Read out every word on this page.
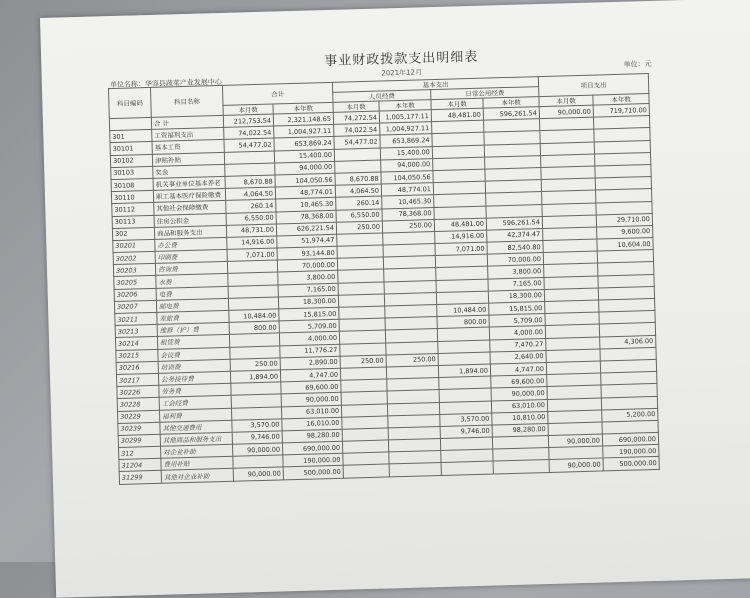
事业财政拨款支出明细表
2021年12月
单位名称：华容县蔬菜产业发展中心
单位：元
科目编码	科目名称	合计		基本支出				项目支出	
				人员经费		日常公用经费			
		本月数	本年数	本月数	本年数	本月数	本年数	本月数	本年数
	合 计	212,753.54	2,321,148.65	74,272.54	1,005,177.11	48,481.00	596,261.54	90,000.00	719,710.00
301	工资福利支出	74,022.54	1,004,927.11	74,022.54	1,004,927.11				
30101	基本工资	54,477.02	653,869.24	54,477.02	653,869.24				
30102	津贴补贴		15,400.00		15,400.00				
30103	奖金		94,000.00		94,000.00				
30108	机关事业单位基本养老	8,670.88	104,050.56	8,670.88	104,050.56				
30110	职工基本医疗保险缴费	4,064.50	48,774.01	4,064.50	48,774.01				
30112	其他社会保障缴费	260.14	10,465.30	260.14	10,465.30				
30113	住房公积金	6,550.00	78,368.00	6,550.00	78,368.00				
302	商品和服务支出	48,731.00	626,221.54	250.00	250.00	48,481.00	596,261.54		29,710.00
30201	办公费	14,916.00	51,974.47			14,916.00	42,374.47		9,600.00
30202	印刷费	7,071.00	93,144.80			7,071.00	82,540.80		10,604.00
30203	咨询费		70,000.00				70,000.00		
30205	水费		3,800.00				3,800.00		
30206	电费		7,165.00				7,165.00		
30207	邮电费		18,300.00				18,300.00		
30211	差旅费	10,484.00	15,815.00			10,484.00	15,815.00		
30213	维修（护）费	800.00	5,709.00			800.00	5,709.00		
30214	租赁费		4,000.00				4,000.00		
30215	会议费		11,776.27				7,470.27		4,306.00
30216	培训费	250.00	2,890.00	250.00	250.00		2,640.00		
30217	公务接待费	1,894.00	4,747.00			1,894.00	4,747.00		
30226	劳务费		69,600.00				69,600.00		
30228	工会经费		90,000.00				90,000.00		
30229	福利费		63,010.00				63,010.00		
30239	其他交通费用	3,570.00	16,010.00			3,570.00	10,810.00		5,200.00
30299	其他商品和服务支出	9,746.00	98,280.00			9,746.00	98,280.00		
312	对企业补助	90,000.00	690,000.00					90,000.00	690,000.00
31204	费用补贴		190,000.00						190,000.00
31299	其他对企业补助	90,000.00	500,000.00					90,000.00	500,000.00
